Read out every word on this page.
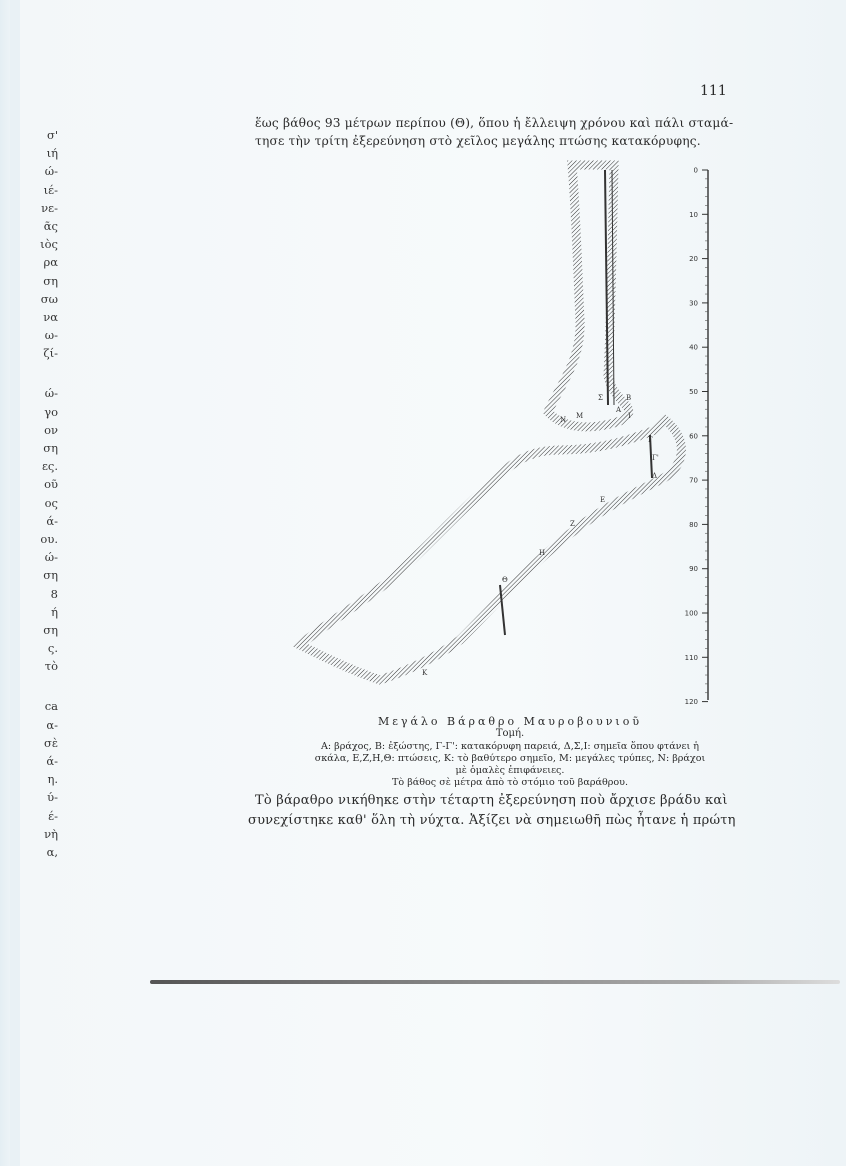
111
ἕως βάθος 93 μέτρων περίπου (Θ), ὅπου ἡ ἔλλειψη χρόνου καὶ πάλι σταμά-
τησε τὴν τρίτη ἐξερεύνηση στὸ χεῖλος μεγάλης πτώσης κατακόρυφης.
σ'
ιή
ώ-
ιέ-
νε-
ᾶς
ιὸς
ρα
ση
σω
να
ω-
ζί-
ώ-
γο
ον
ση
ες.
οῦ
ος
ά-
ου.
ώ-
ση
8
ή
ση
ς.
τὸ
ca
α-
σὲ
ά-
η.
ύ-
έ-
νὴ
α,
0
10
20
30
40
50
60
70
80
90
100
110
120
Σ	Β
Α
Ι
Μ
Ν
Γ
Γ'
Δ
Ε
Ζ
Η
Θ
Κ
Μεγάλο Βάραθρο Μαυροβουνιοῦ
Τομή.
Α: βράχος, Β: ἐξώστης, Γ-Γ': κατακόρυφη παρειά, Δ,Σ,Ι: σημεῖα ὅπου φτάνει ἡ
σκάλα, Ε,Ζ,Η,Θ: πτώσεις, Κ: τὸ βαθύτερο σημεῖο, Μ: μεγάλες τρύπες, Ν: βράχοι
μὲ ὁμαλὲς ἐπιφάνειες.
Τὸ βάθος σὲ μέτρα ἀπὸ τὸ στόμιο τοῦ βαράθρου.
Τὸ βάραθρο νικήθηκε στὴν τέταρτη ἐξερεύνηση ποὺ ἄρχισε βράδυ καὶ
συνεχίστηκε καθ' ὅλη τὴ νύχτα. Ἀξίζει νὰ σημειωθῆ πὼς ἦτανε ἡ πρώτη
